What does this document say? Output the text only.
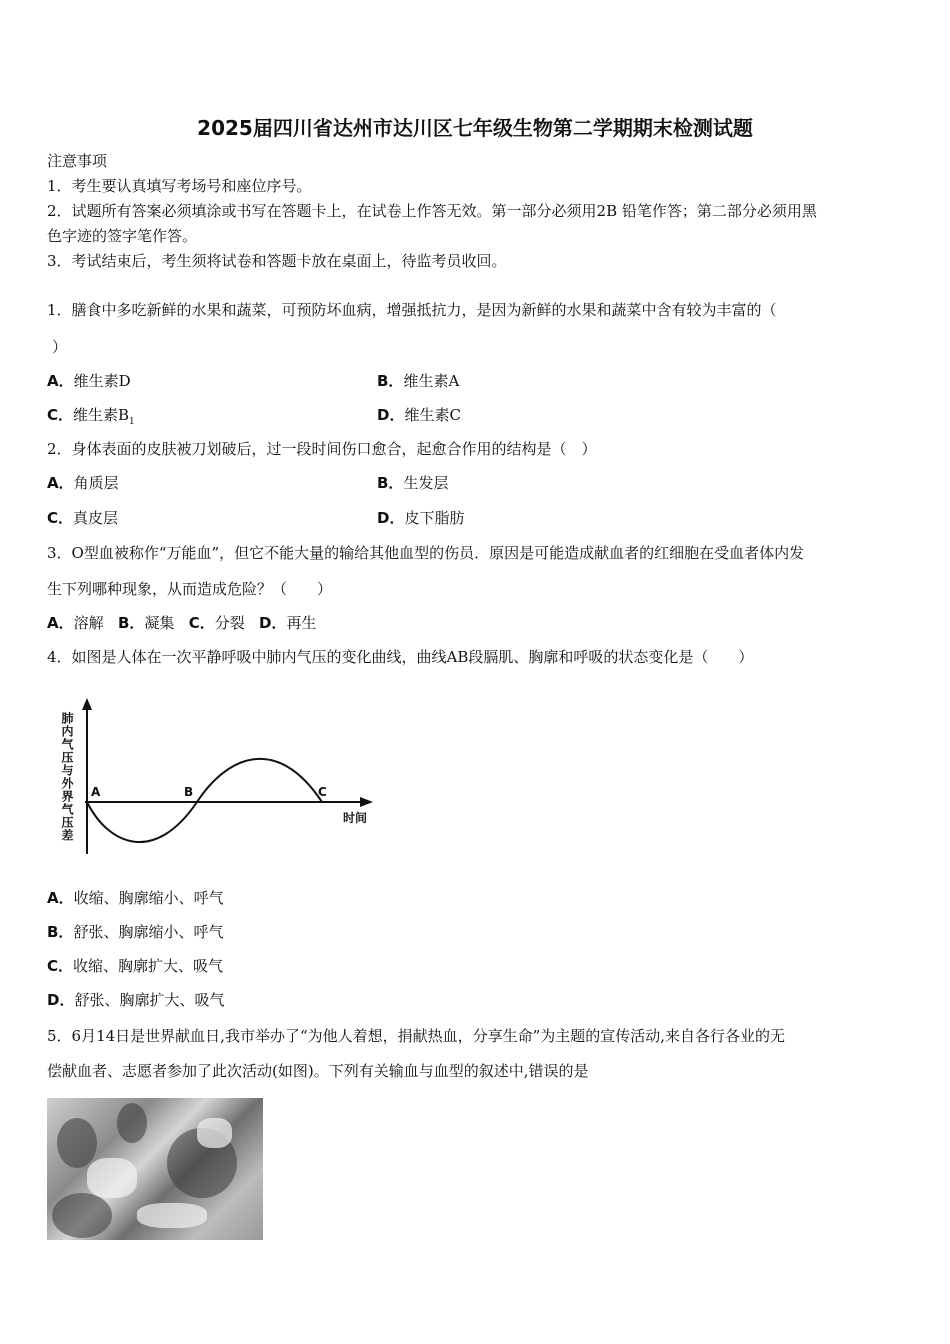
2025届四川省达州市达川区七年级生物第二学期期末检测试题
注意事项
1．考生要认真填写考场号和座位序号。
2．试题所有答案必须填涂或书写在答题卡上，在试卷上作答无效。第一部分必须用2B 铅笔作答；第二部分必须用黑
色字迹的签字笔作答。
3．考试结束后，考生须将试卷和答题卡放在桌面上，待监考员收回。
1．膳食中多吃新鲜的水果和蔬菜，可预防坏血病，增强抵抗力，是因为新鲜的水果和蔬菜中含有较为丰富的（
）
A．维生素D	B．维生素A
C．维生素$B_1$	D．维生素C
2．身体表面的皮肤被刀划破后，过一段时间伤口愈合，起愈合作用的结构是（　）
A．角质层	B．生发层
C．真皮层	D．皮下脂肪
3．O型血被称作“万能血”，但它不能大量的输给其他血型的伤员．原因是可能造成献血者的红细胞在受血者体内发
生下列哪种现象，从而造成危险？（　　）
A．溶解 B．凝集 C．分裂 D．再生
4．如图是人体在一次平静呼吸中肺内气压的变化曲线，曲线AB段膈肌、胸廓和呼吸的状态变化是（　　）
肺内气压与外界气压差	时间
A	B	C
A．收缩、胸廓缩小、呼气
B．舒张、胸廓缩小、呼气
C．收缩、胸廓扩大、吸气
D．舒张、胸廓扩大、吸气
5．6月14日是世界献血日,我市举办了“为他人着想，捐献热血，分享生命”为主题的宣传活动,来自各行各业的无
偿献血者、志愿者参加了此次活动(如图)。下列有关输血与血型的叙述中,错误的是
